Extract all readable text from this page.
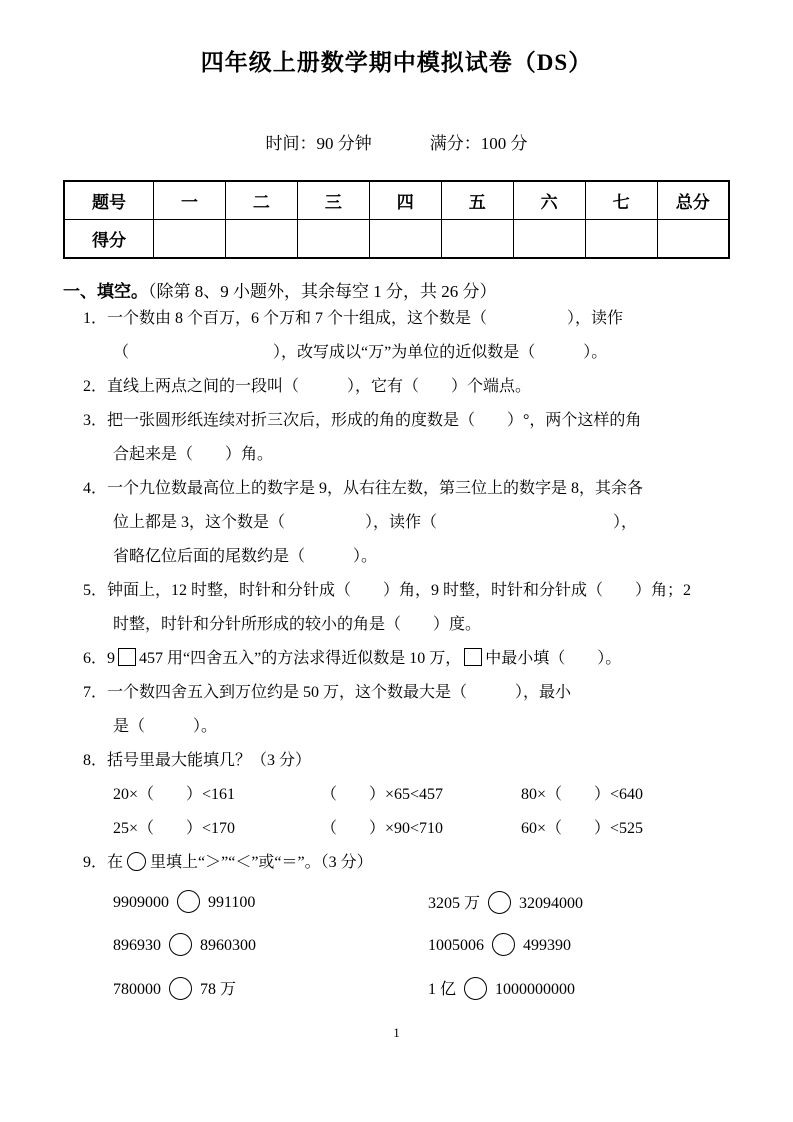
四年级上册数学期中模拟试卷（DS）
时间：90 分钟	满分：100 分
题号	一	二	三	四	五	六	七	总分
得分								
一、填空。（除第 8、9 小题外，其余每空 1 分，共 26 分）
1．一个数由 8 个百万，6 个万和 7 个十组成，这个数是（　　　　　），读作
（　　　　　　　　　），改写成以“万”为单位的近似数是（　　　）。
2．直线上两点之间的一段叫（　　　），它有（　　）个端点。
3．把一张圆形纸连续对折三次后，形成的角的度数是（　　）°，两个这样的角
合起来是（　　）角。
4．一个九位数最高位上的数字是 9，从右往左数，第三位上的数字是 8，其余各
位上都是 3，这个数是（　　　　　），读作（　　　　　　　　　　　），
省略亿位后面的尾数约是（　　　）。
5．钟面上，12 时整，时针和分针成（　　）角，9 时整，时针和分针成（　　）角；2
时整，时针和分针所形成的较小的角是（　　）度。
6．9 457 用“四舍五入”的方法求得近似数是 10 万， 中最小填（　　）。
7．一个数四舍五入到万位约是 50 万，这个数最大是（　　　），最小
是（　　　）。
8．括号里最大能填几？（3 分）
20×（　　）<161	（　　）×65<457	80×（　　）<640
25×（　　）<170	（　　）×90<710	60×（　　）<525
9．在 里填上“＞”“＜”或“＝”。（3 分）
9909000 991100	3205 万 32094000
896930 8960300	1005006 499390
780000 78 万	1 亿 1000000000
1
